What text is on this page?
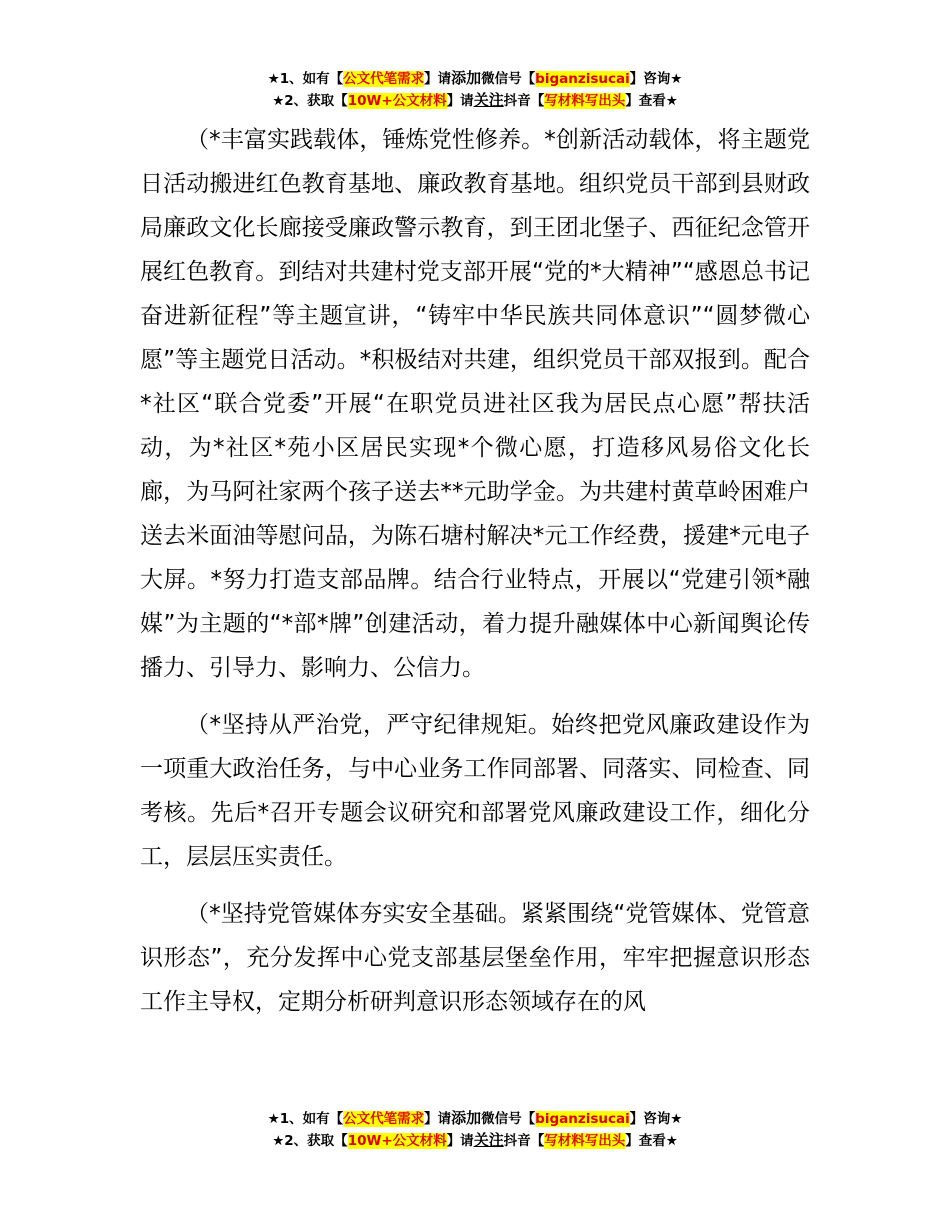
★1、如有【公文代笔需求】请添加微信号【biganzisucai】咨询★
★2、获取【10W+公文材料】请关注抖音【写材料写出头】查看★

（*丰富实践载体，锤炼党性修养。*创新活动载体，将主题党日活动搬进红色教育基地、廉政教育基地。组织党员干部到县财政局廉政文化长廊接受廉政警示教育，到王团北堡子、西征纪念管开展红色教育。到结对共建村党支部开展“党的*大精神”“感恩总书记奋进新征程”等主题宣讲，“铸牢中华民族共同体意识”“圆梦微心愿”等主题党日活动。*积极结对共建，组织党员干部双报到。配合*社区“联合党委”开展“在职党员进社区我为居民点心愿”帮扶活动，为*社区*苑小区居民实现*个微心愿，打造移风易俗文化长廊，为马阿社家两个孩子送去**元助学金。为共建村黄草岭困难户送去米面油等慰问品，为陈石塘村解决*元工作经费，援建*元电子大屏。*努力打造支部品牌。结合行业特点，开展以“党建引领*融媒”为主题的“*部*牌”创建活动，着力提升融媒体中心新闻舆论传播力、引导力、影响力、公信力。

（*坚持从严治党，严守纪律规矩。始终把党风廉政建设作为一项重大政治任务，与中心业务工作同部署、同落实、同检查、同考核。先后*召开专题会议研究和部署党风廉政建设工作，细化分工，层层压实责任。

（*坚持党管媒体夯实安全基础。紧紧围绕“党管媒体、党管意识形态”，充分发挥中心党支部基层堡垒作用，牢牢把握意识形态工作主导权，定期分析研判意识形态领域存在的风

★1、如有【公文代笔需求】请添加微信号【biganzisucai】咨询★
★2、获取【10W+公文材料】请关注抖音【写材料写出头】查看★
